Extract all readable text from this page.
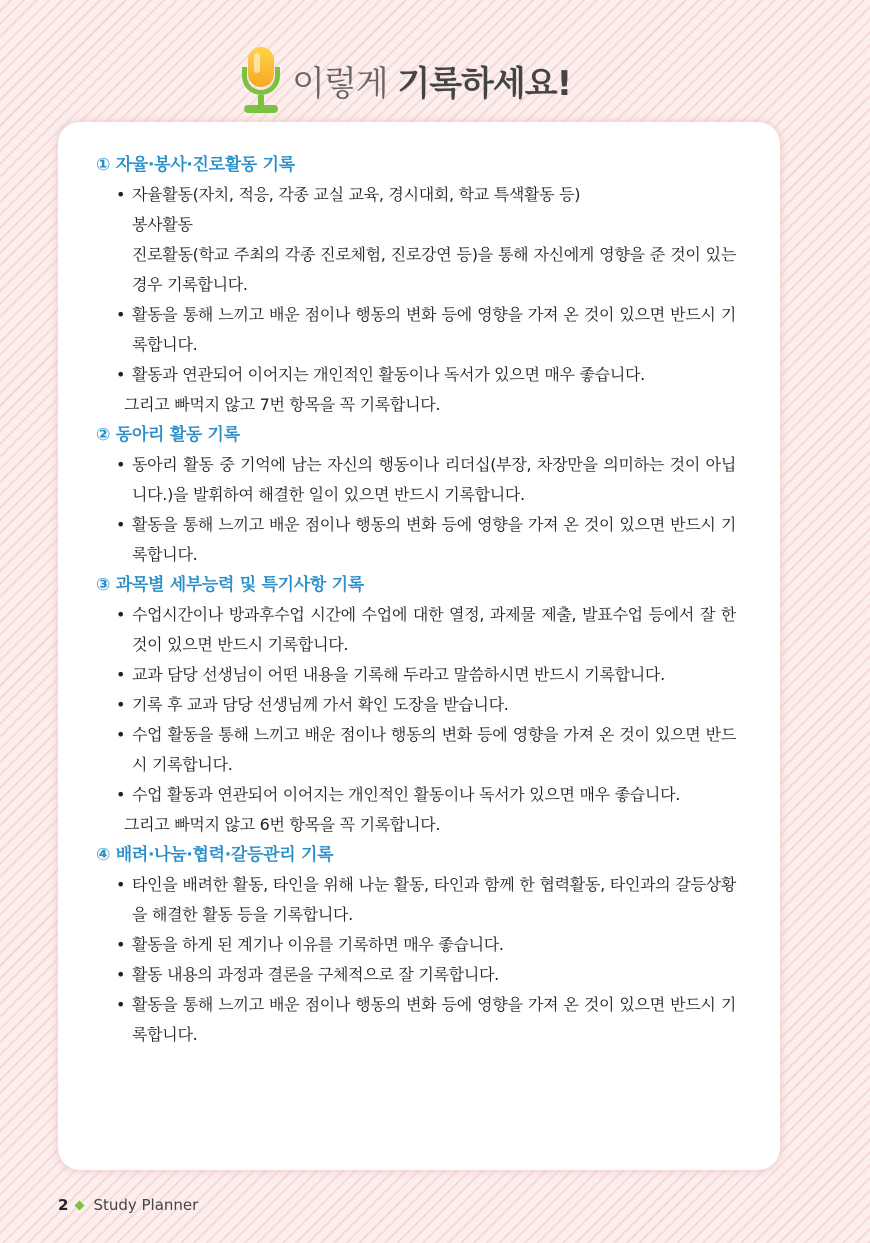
이렇게 기록하세요!
① 자율·봉사·진로활동 기록
• 자율활동(자치, 적응, 각종 교실 교육, 경시대회, 학교 특색활동 등)
봉사활동
진로활동(학교 주최의 각종 진로체험, 진로강연 등)을 통해 자신에게 영향을 준 것이 있는 경우 기록합니다.
• 활동을 통해 느끼고 배운 점이나 행동의 변화 등에 영향을 가져 온 것이 있으면 반드시 기록합니다.
• 활동과 연관되어 이어지는 개인적인 활동이나 독서가 있으면 매우 좋습니다.
그리고 빠먹지 않고 7번 항목을 꼭 기록합니다.
② 동아리 활동 기록
• 동아리 활동 중 기억에 남는 자신의 행동이나 리더십(부장, 차장만을 의미하는 것이 아닙니다.)을 발휘하여 해결한 일이 있으면 반드시 기록합니다.
• 활동을 통해 느끼고 배운 점이나 행동의 변화 등에 영향을 가져 온 것이 있으면 반드시 기록합니다.
③ 과목별 세부능력 및 특기사항 기록
• 수업시간이나 방과후수업 시간에 수업에 대한 열정, 과제물 제출, 발표수업 등에서 잘 한 것이 있으면 반드시 기록합니다.
• 교과 담당 선생님이 어떤 내용을 기록해 두라고 말씀하시면 반드시 기록합니다.
• 기록 후 교과 담당 선생님께 가서 확인 도장을 받습니다.
• 수업 활동을 통해 느끼고 배운 점이나 행동의 변화 등에 영향을 가져 온 것이 있으면 반드시 기록합니다.
• 수업 활동과 연관되어 이어지는 개인적인 활동이나 독서가 있으면 매우 좋습니다.
그리고 빠먹지 않고 6번 항목을 꼭 기록합니다.
④ 배려·나눔·협력·갈등관리 기록
• 타인을 배려한 활동, 타인을 위해 나눈 활동, 타인과 함께 한 협력활동, 타인과의 갈등상황을 해결한 활동 등을 기록합니다.
• 활동을 하게 된 계기나 이유를 기록하면 매우 좋습니다.
• 활동 내용의 과정과 결론을 구체적으로 잘 기록합니다.
• 활동을 통해 느끼고 배운 점이나 행동의 변화 등에 영향을 가져 온 것이 있으면 반드시 기록합니다.
2 Study Planner
